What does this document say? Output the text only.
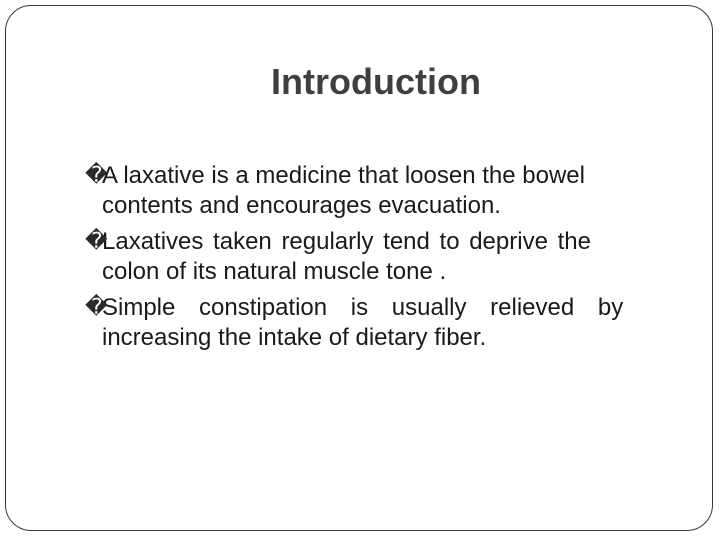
Introduction
�
A laxative is a medicine that loosen the bowel
contents and encourages evacuation.
�
Laxatives taken regularly tend to deprive the
colon of its natural muscle tone .
�
Simple constipation is usually relieved by
increasing the intake of dietary fiber.
